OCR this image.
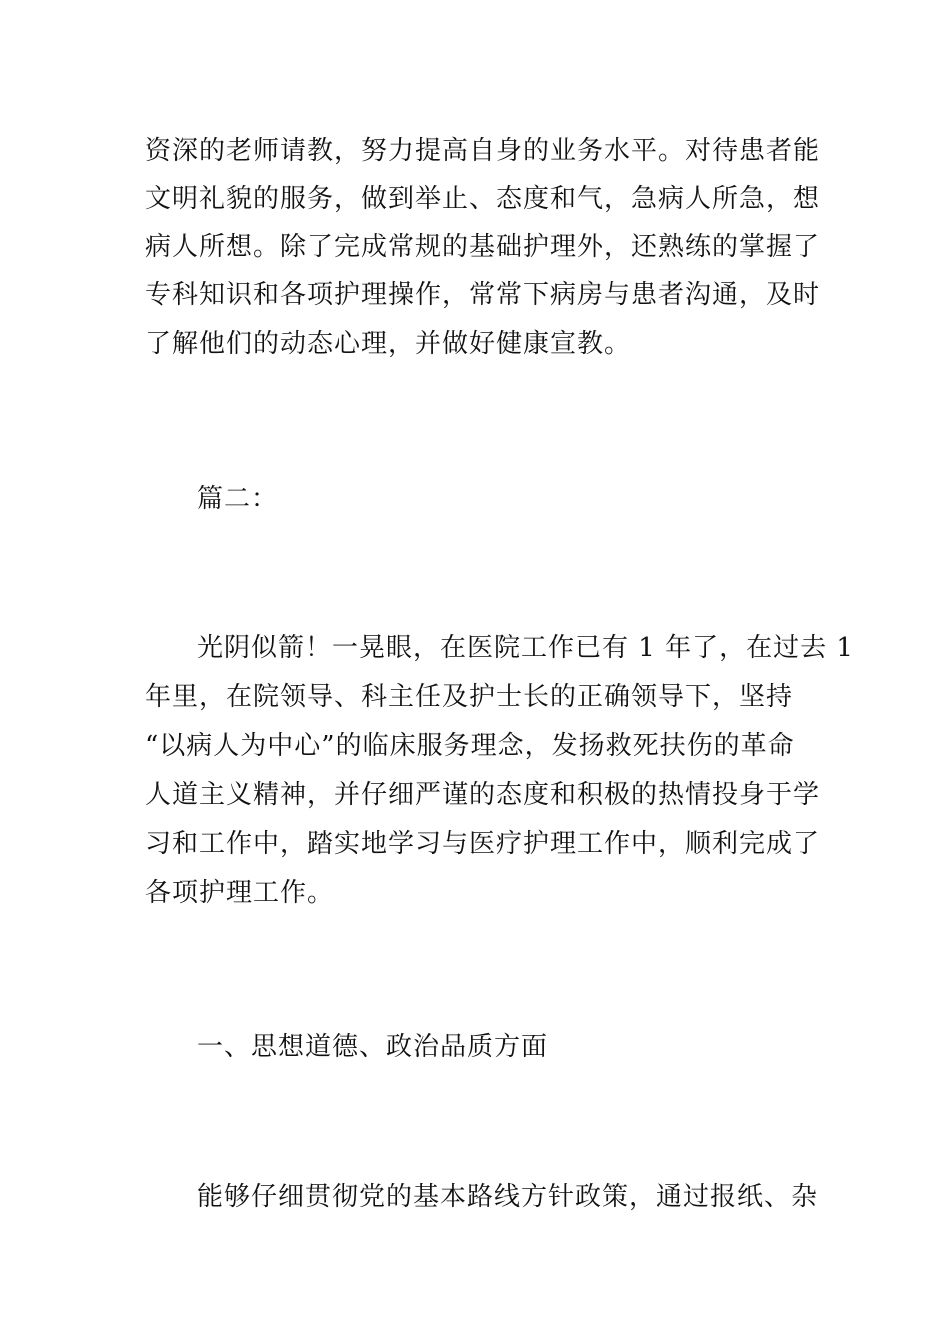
资深的老师请教，努力提高自身的业务水平。对待患者能
文明礼貌的服务，做到举止、态度和气，急病人所急，想
病人所想。除了完成常规的基础护理外，还熟练的掌握了
专科知识和各项护理操作，常常下病房与患者沟通，及时
了解他们的动态心理，并做好健康宣教。
篇二：
光阴似箭！一晃眼，在医院工作已有 1 年了，在过去 1
年里，在院领导、科主任及护士长的正确领导下，坚持
“以病人为中心”的临床服务理念，发扬救死扶伤的革命
人道主义精神，并仔细严谨的态度和积极的热情投身于学
习和工作中，踏实地学习与医疗护理工作中，顺利完成了
各项护理工作。
一、思想道德、政治品质方面
能够仔细贯彻党的基本路线方针政策，通过报纸、杂
